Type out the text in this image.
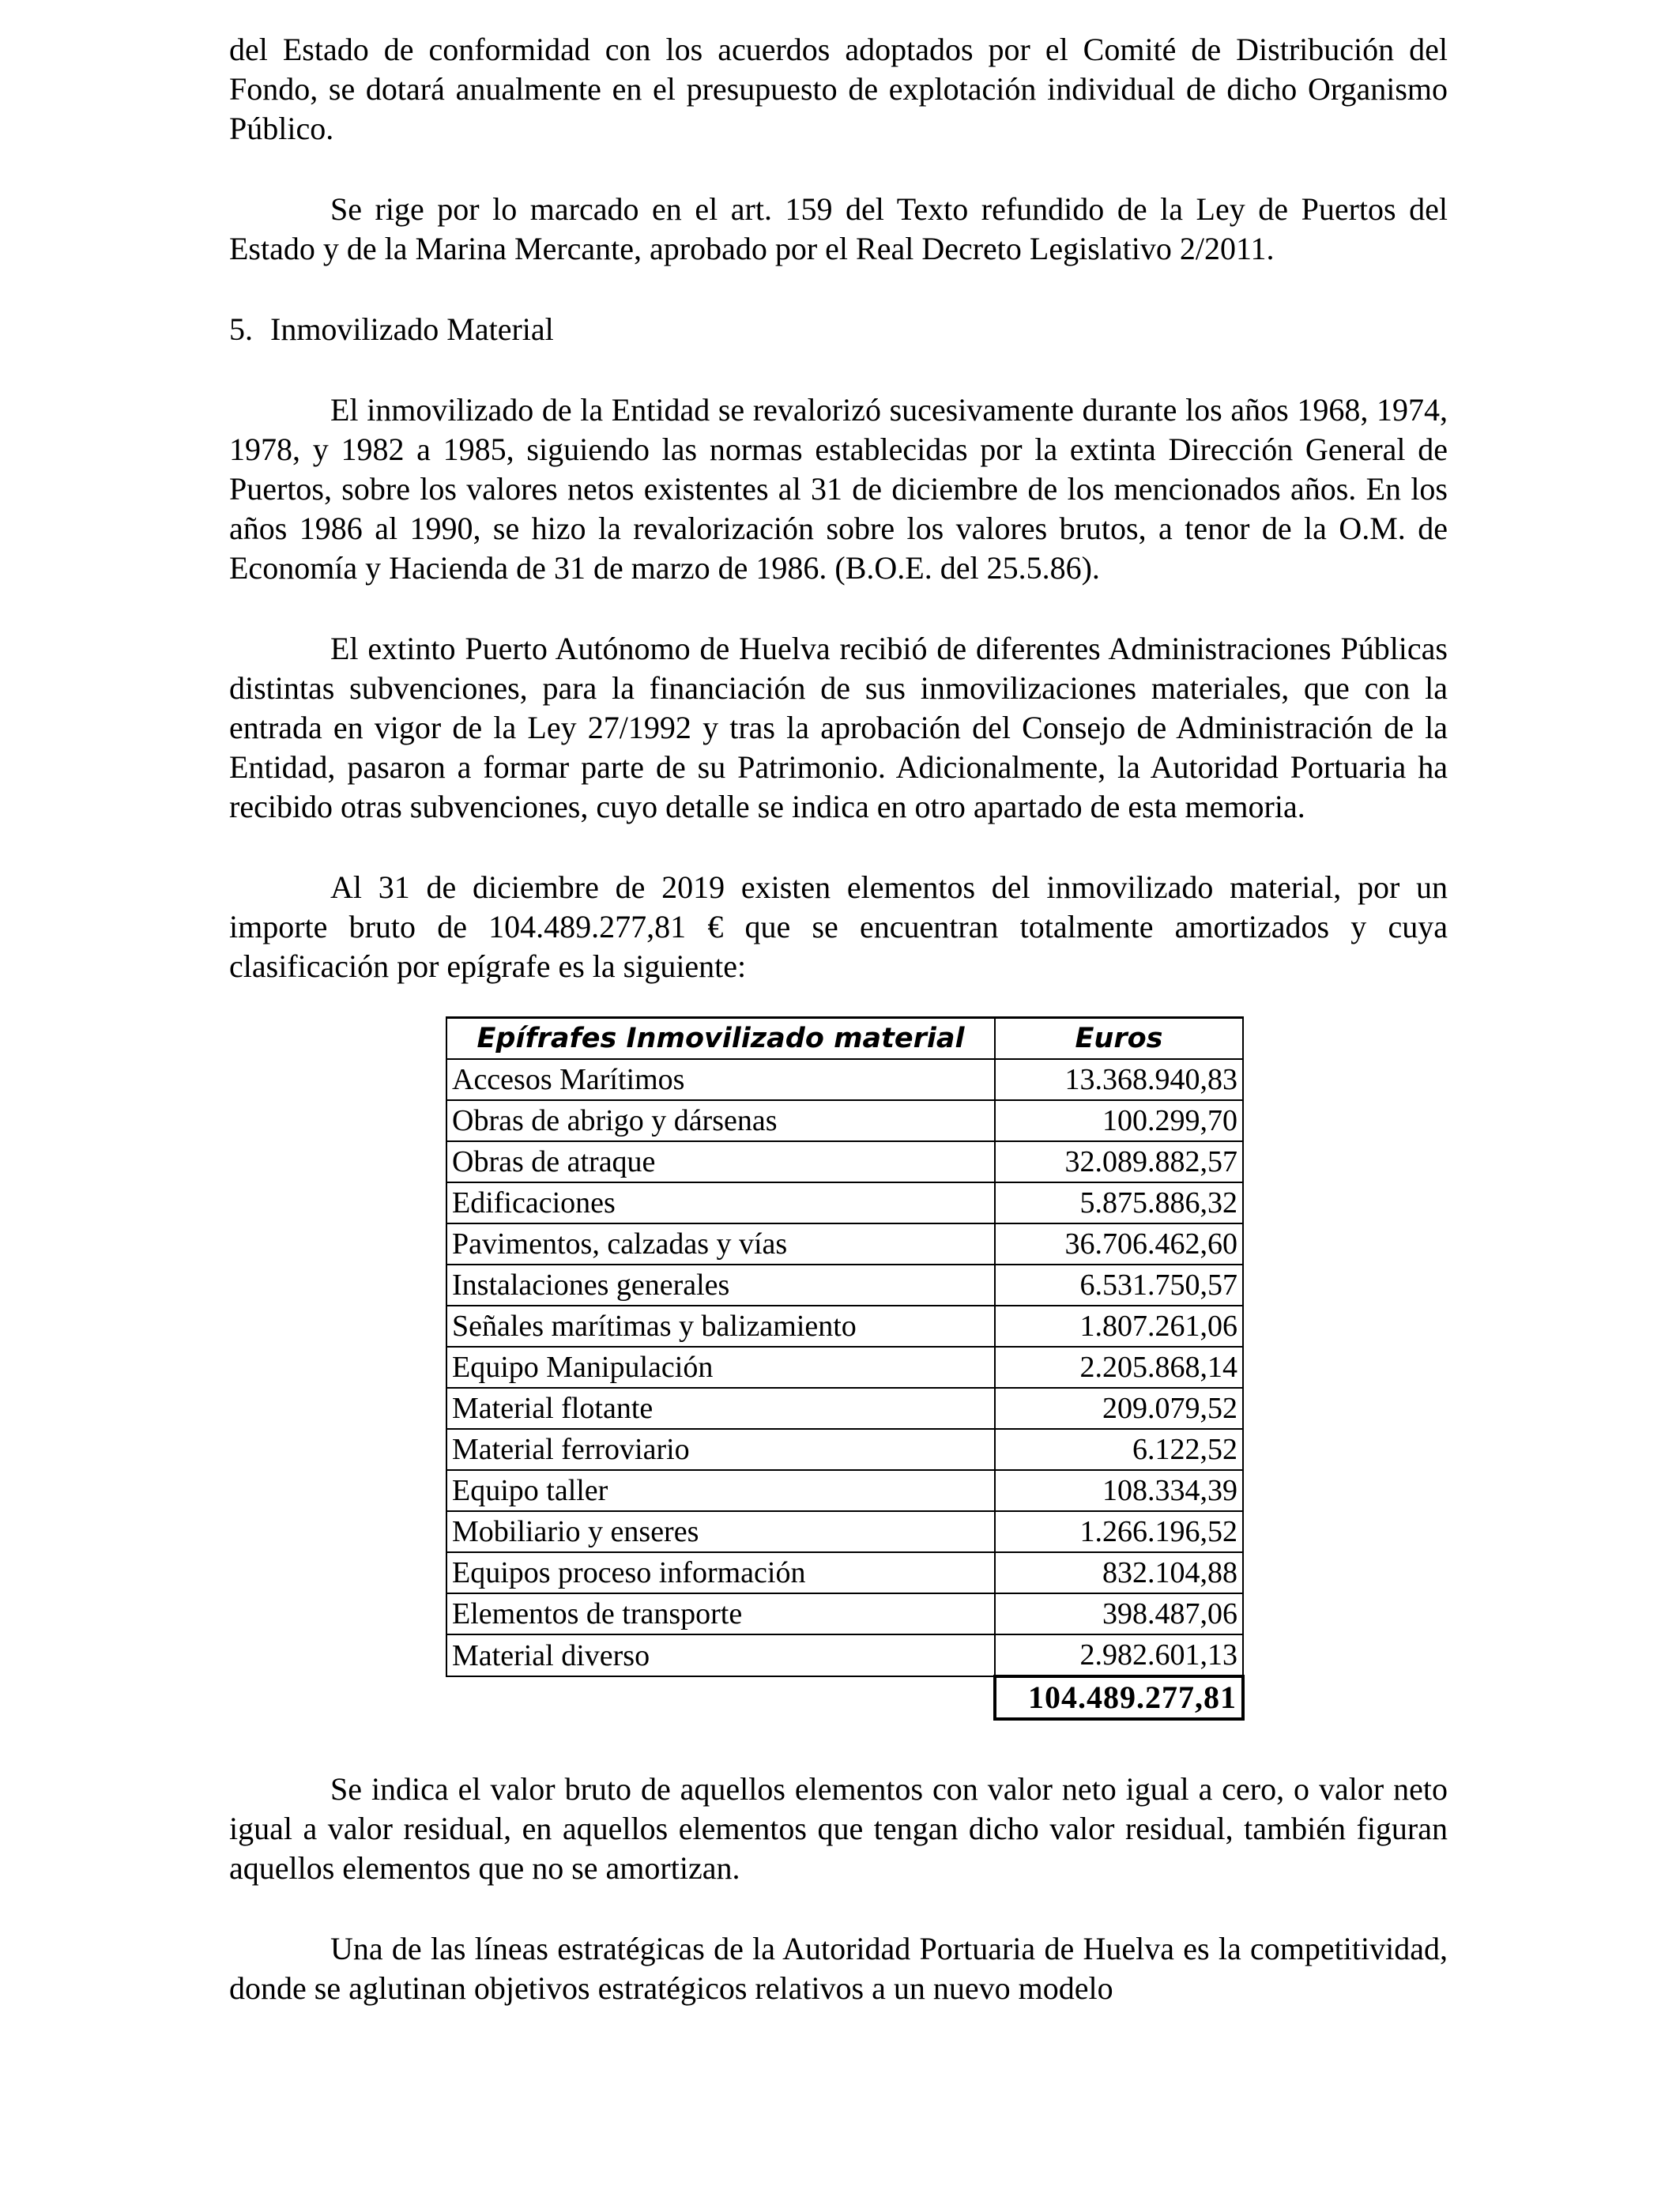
del Estado de conformidad con los acuerdos adoptados por el Comité de Distribución del Fondo, se dotará anualmente en el presupuesto de explotación individual de dicho Organismo Público.

Se rige por lo marcado en el art. 159 del Texto refundido de la Ley de Puertos del Estado y de la Marina Mercante, aprobado por el Real Decreto Legislativo 2/2011.

5. Inmovilizado Material

El inmovilizado de la Entidad se revalorizó sucesivamente durante los años 1968, 1974, 1978, y 1982 a 1985, siguiendo las normas establecidas por la extinta Dirección General de Puertos, sobre los valores netos existentes al 31 de diciembre de los mencionados años. En los años 1986 al 1990, se hizo la revalorización sobre los valores brutos, a tenor de la O.M. de Economía y Hacienda de 31 de marzo de 1986. (B.O.E. del 25.5.86).

El extinto Puerto Autónomo de Huelva recibió de diferentes Administraciones Públicas distintas subvenciones, para la financiación de sus inmovilizaciones materiales, que con la entrada en vigor de la Ley 27/1992 y tras la aprobación del Consejo de Administración de la Entidad, pasaron a formar parte de su Patrimonio. Adicionalmente, la Autoridad Portuaria ha recibido otras subvenciones, cuyo detalle se indica en otro apartado de esta memoria.

Al 31 de diciembre de 2019 existen elementos del inmovilizado material, por un importe bruto de 104.489.277,81 € que se encuentran totalmente amortizados y cuya clasificación por epígrafe es la siguiente:

Epífrafes Inmovilizado material	Euros
Accesos Marítimos	13.368.940,83
Obras de abrigo y dársenas	100.299,70
Obras de atraque	32.089.882,57
Edificaciones	5.875.886,32
Pavimentos, calzadas y vías	36.706.462,60
Instalaciones generales	6.531.750,57
Señales marítimas y balizamiento	1.807.261,06
Equipo Manipulación	2.205.868,14
Material flotante	209.079,52
Material ferroviario	6.122,52
Equipo taller	108.334,39
Mobiliario y enseres	1.266.196,52
Equipos proceso información	832.104,88
Elementos de transporte	398.487,06
Material diverso	2.982.601,13
	104.489.277,81

Se indica el valor bruto de aquellos elementos con valor neto igual a cero, o valor neto igual a valor residual, en aquellos elementos que tengan dicho valor residual, también figuran aquellos elementos que no se amortizan.

Una de las líneas estratégicas de la Autoridad Portuaria de Huelva es la competitividad, donde se aglutinan objetivos estratégicos relativos a un nuevo modelo
